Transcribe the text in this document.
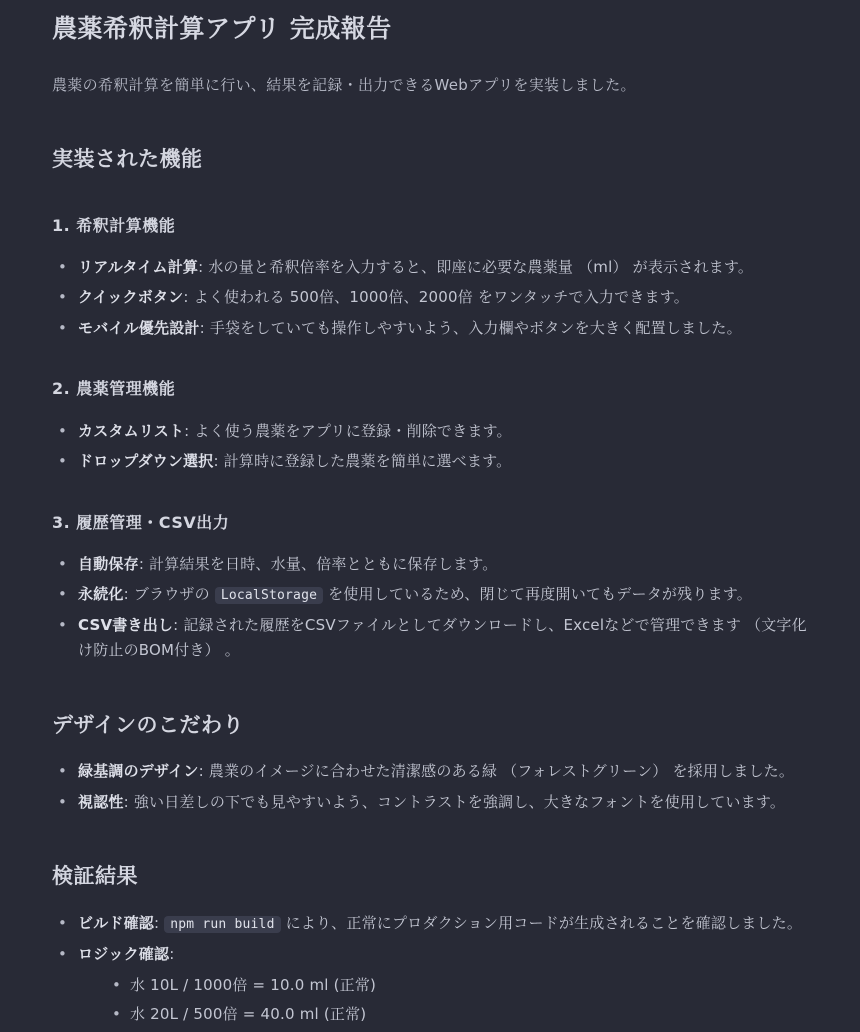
農薬希釈計算アプリ 完成報告

農薬の希釈計算を簡単に行い、結果を記録・出力できるWebアプリを実装しました。

実装された機能
1. 希釈計算機能
• リアルタイム計算: 水の量と希釈倍率を入力すると、即座に必要な農薬量 （ml） が表示されます。
• クイックボタン: よく使われる 500倍、1000倍、2000倍 をワンタッチで入力できます。
• モバイル優先設計: 手袋をしていても操作しやすいよう、入力欄やボタンを大きく配置しました。
2. 農薬管理機能
• カスタムリスト: よく使う農薬をアプリに登録・削除できます。
• ドロップダウン選択: 計算時に登録した農薬を簡単に選べます。
3. 履歴管理・CSV出力
• 自動保存: 計算結果を日時、水量、倍率とともに保存します。
• 永続化: ブラウザの LocalStorage を使用しているため、閉じて再度開いてもデータが残ります。
• CSV書き出し: 記録された履歴をCSVファイルとしてダウンロードし、Excelなどで管理できます （文字化け防止のBOM付き） 。
デザインのこだわり
• 緑基調のデザイン: 農業のイメージに合わせた清潔感のある緑 （フォレストグリーン） を採用しました。
• 視認性: 強い日差しの下でも見やすいよう、コントラストを強調し、大きなフォントを使用しています。
検証結果
• ビルド確認: npm run build により、正常にプロダクション用コードが生成されることを確認しました。
• ロジック確認:
• 水 10L / 1000倍 = 10.0 ml (正常)
• 水 20L / 500倍 = 40.0 ml (正常)
